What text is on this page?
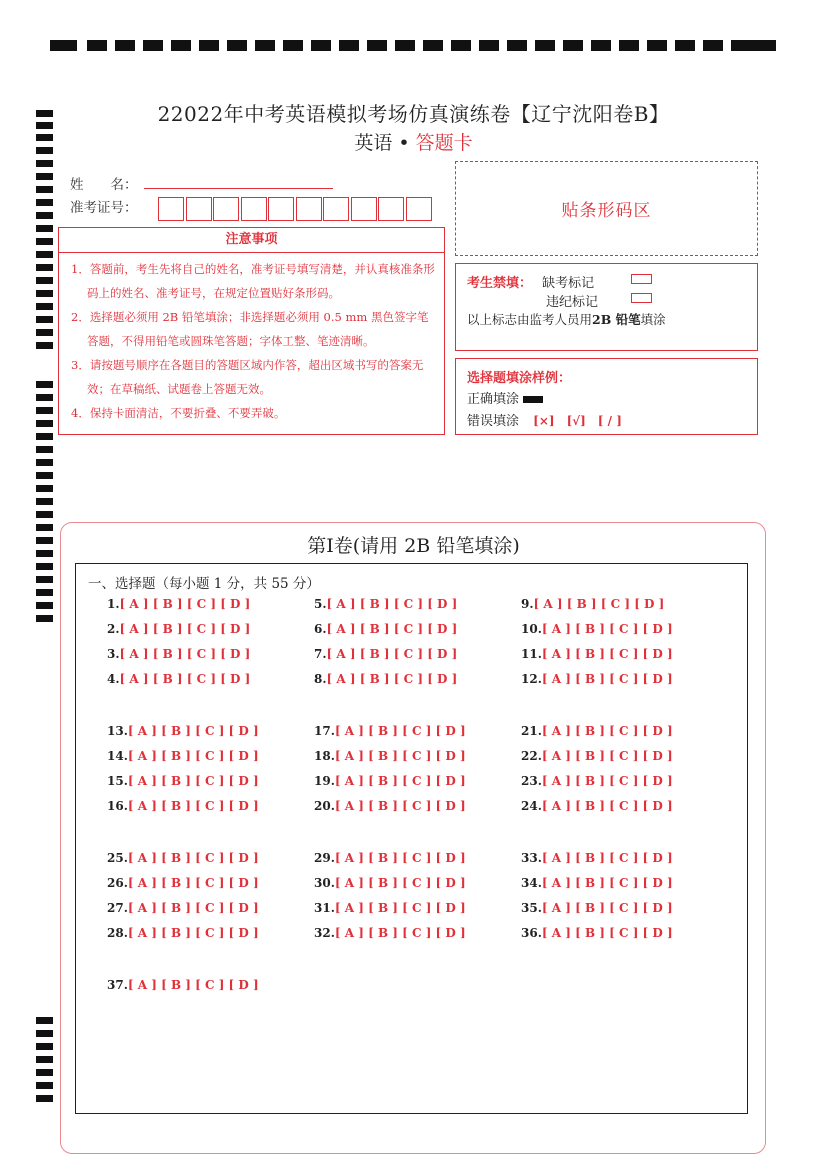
22022年中考英语模拟考场仿真演练卷【辽宁沈阳卷B】
英语 • 答题卡
姓　　名：
准考证号：	贴条形码区
注意事项
1．答题前，考生先将自己的姓名，准考证号填写清楚，并认真核准条形码上的姓名、准考证号，在规定位置贴好条形码。
2．选择题必须用 2B 铅笔填涂；非选择题必须用 0.5 mm 黑色签字笔答题，不得用铅笔或圆珠笔答题；字体工整、笔迹清晰。
3．请按题号顺序在各题目的答题区域内作答，超出区域书写的答案无效；在草稿纸、试题卷上答题无效。
4．保持卡面清洁，不要折叠、不要弄破。
考生禁填： 缺考标记
违纪标记
以上标志由监考人员用2B 铅笔填涂
选择题填涂样例：
正确填涂
错误填涂 [×]　[√]　[ / ]
第Ⅰ卷(请用 2B 铅笔填涂)
一、选择题（每小题 1 分，共 55 分）
1.[ A ] [ B ] [ C ] [ D ]
2.[ A ] [ B ] [ C ] [ D ]
3.[ A ] [ B ] [ C ] [ D ]
4.[ A ] [ B ] [ C ] [ D ]
5.[ A ] [ B ] [ C ] [ D ]
6.[ A ] [ B ] [ C ] [ D ]
7.[ A ] [ B ] [ C ] [ D ]
8.[ A ] [ B ] [ C ] [ D ]
9.[ A ] [ B ] [ C ] [ D ]
10.[ A ] [ B ] [ C ] [ D ]
11.[ A ] [ B ] [ C ] [ D ]
12.[ A ] [ B ] [ C ] [ D ]
13.[ A ] [ B ] [ C ] [ D ]
14.[ A ] [ B ] [ C ] [ D ]
15.[ A ] [ B ] [ C ] [ D ]
16.[ A ] [ B ] [ C ] [ D ]
17.[ A ] [ B ] [ C ] [ D ]
18.[ A ] [ B ] [ C ] [ D ]
19.[ A ] [ B ] [ C ] [ D ]
20.[ A ] [ B ] [ C ] [ D ]
21.[ A ] [ B ] [ C ] [ D ]
22.[ A ] [ B ] [ C ] [ D ]
23.[ A ] [ B ] [ C ] [ D ]
24.[ A ] [ B ] [ C ] [ D ]
25.[ A ] [ B ] [ C ] [ D ]
26.[ A ] [ B ] [ C ] [ D ]
27.[ A ] [ B ] [ C ] [ D ]
28.[ A ] [ B ] [ C ] [ D ]
29.[ A ] [ B ] [ C ] [ D ]
30.[ A ] [ B ] [ C ] [ D ]
31.[ A ] [ B ] [ C ] [ D ]
32.[ A ] [ B ] [ C ] [ D ]
33.[ A ] [ B ] [ C ] [ D ]
34.[ A ] [ B ] [ C ] [ D ]
35.[ A ] [ B ] [ C ] [ D ]
36.[ A ] [ B ] [ C ] [ D ]
37.[ A ] [ B ] [ C ] [ D ]
